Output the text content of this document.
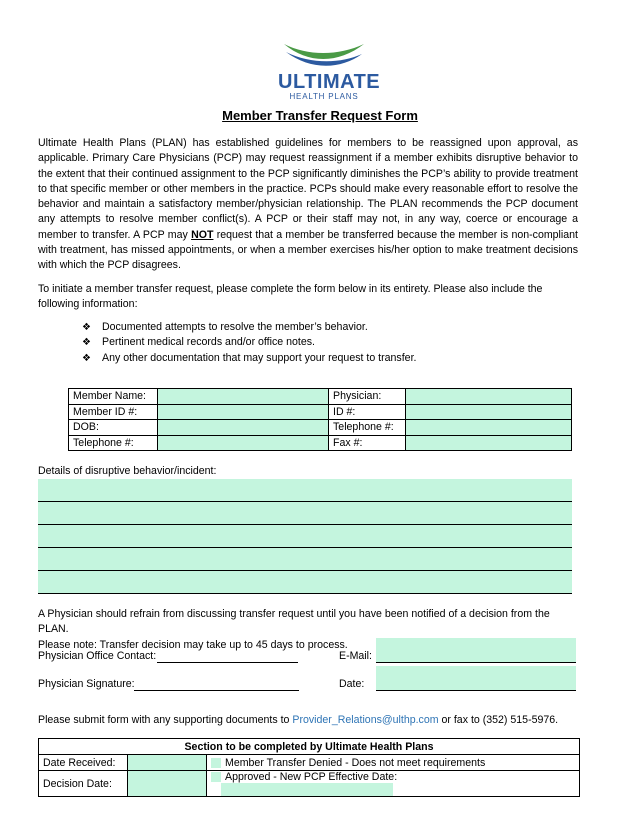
ULTIMATE
HEALTH PLANS
Member Transfer Request Form

Ultimate Health Plans (PLAN) has established guidelines for members to be reassigned upon approval, as applicable. Primary Care Physicians (PCP) may request reassignment if a member exhibits disruptive behavior to the extent that their continued assignment to the PCP significantly diminishes the PCP’s ability to provide treatment to that specific member or other members in the practice. PCPs should make every reasonable effort to resolve the behavior and maintain a satisfactory member/physician relationship. The PLAN recommends the PCP document any attempts to resolve member conflict(s). A PCP or their staff may not, in any way, coerce or encourage a member to transfer. A PCP may NOT request that a member be transferred because the member is non-compliant with treatment, has missed appointments, or when a member exercises his/her option to make treatment decisions with which the PCP disagrees.

To initiate a member transfer request, please complete the form below in its entirety. Please also include the following information:
❖	Documented attempts to resolve the member’s behavior.
❖	Pertinent medical records and/or office notes.
❖	Any other documentation that may support your request to transfer.
Member Name:		Physician:	
Member ID #:		ID #:	
DOB:		Telephone #:	
Telephone #:		Fax #:	
Details of disruptive behavior/incident:
A Physician should refrain from discussing transfer request until you have been notified of a decision from the PLAN.
Please note: Transfer decision may take up to 45 days to process.
Physician Office Contact:	E-Mail:
Physician Signature:	Date:
Please submit form with any supporting documents to Provider_Relations@ulthp.com or fax to (352) 515-5976.
Section to be completed by Ultimate Health Plans		
Date Received:		Member Transfer Denied - Does not meet requirements
Decision Date:		Approved - New PCP Effective Date:
